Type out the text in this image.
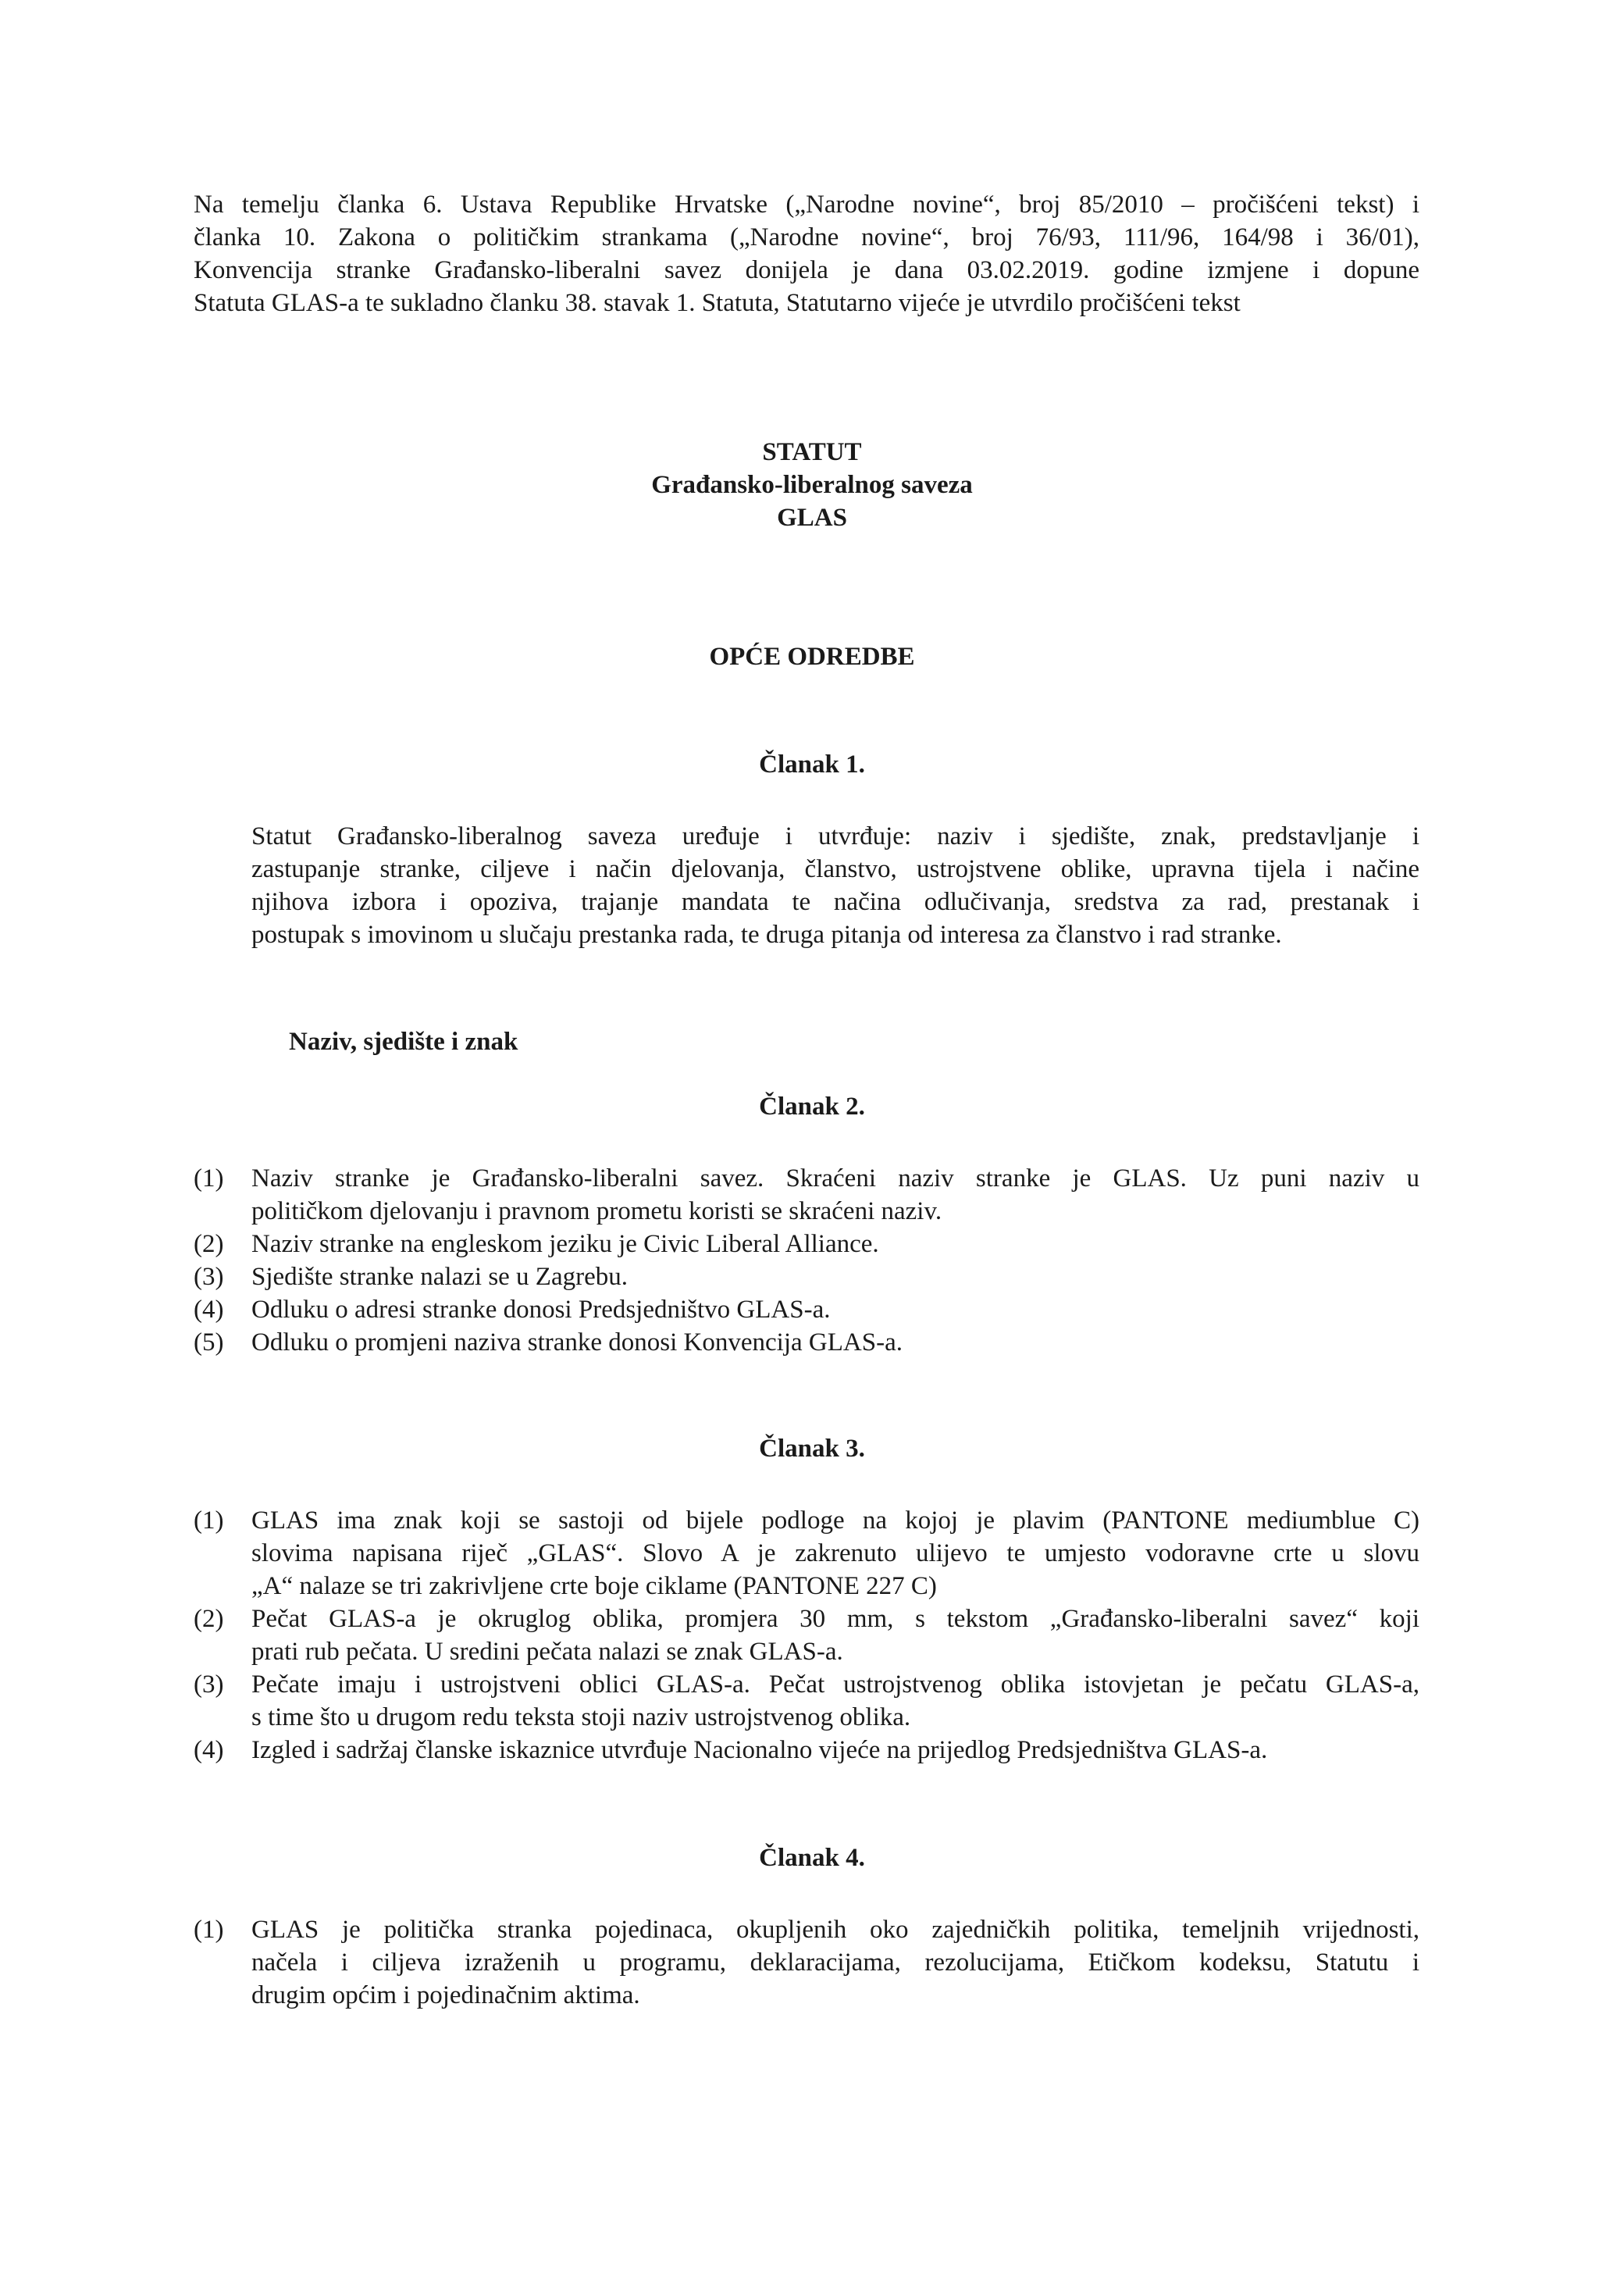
Na temelju članka 6. Ustava Republike Hrvatske („Narodne novine“, broj 85/2010 – pročišćeni tekst) i
članka 10. Zakona o političkim strankama („Narodne novine“, broj 76/93, 111/96, 164/98 i 36/01),
Konvencija stranke Građansko-liberalni savez donijela je dana 03.02.2019. godine izmjene i dopune
Statuta GLAS-a te sukladno članku 38. stavak 1. Statuta, Statutarno vijeće je utvrdilo pročišćeni tekst
STATUT
Građansko-liberalnog saveza
GLAS
OPĆE ODREDBE
Članak 1.
Statut Građansko-liberalnog saveza uređuje i utvrđuje: naziv i sjedište, znak, predstavljanje i
zastupanje stranke, ciljeve i način djelovanja, članstvo, ustrojstvene oblike, upravna tijela i načine
njihova izbora i opoziva, trajanje mandata te načina odlučivanja, sredstva za rad, prestanak i
postupak s imovinom u slučaju prestanka rada, te druga pitanja od interesa za članstvo i rad stranke.
Naziv, sjedište i znak
Članak 2.
(1) Naziv stranke je Građansko-liberalni savez. Skraćeni naziv stranke je GLAS. Uz puni naziv u
političkom djelovanju i pravnom prometu koristi se skraćeni naziv.
(2) Naziv stranke na engleskom jeziku je Civic Liberal Alliance.
(3) Sjedište stranke nalazi se u Zagrebu.
(4) Odluku o adresi stranke donosi Predsjedništvo GLAS-a.
(5) Odluku o promjeni naziva stranke donosi Konvencija GLAS-a.
Članak 3.
(1) GLAS ima znak koji se sastoji od bijele podloge na kojoj je plavim (PANTONE mediumblue C)
slovima napisana riječ „GLAS“. Slovo A je zakrenuto ulijevo te umjesto vodoravne crte u slovu
„A“ nalaze se tri zakrivljene crte boje ciklame (PANTONE 227 C)
(2) Pečat GLAS-a je okruglog oblika, promjera 30 mm, s tekstom „Građansko-liberalni savez“ koji
prati rub pečata. U sredini pečata nalazi se znak GLAS-a.
(3) Pečate imaju i ustrojstveni oblici GLAS-a. Pečat ustrojstvenog oblika istovjetan je pečatu GLAS-a,
s time što u drugom redu teksta stoji naziv ustrojstvenog oblika.
(4) Izgled i sadržaj članske iskaznice utvrđuje Nacionalno vijeće na prijedlog Predsjedništva GLAS-a.
Članak 4.
(1) GLAS je politička stranka pojedinaca, okupljenih oko zajedničkih politika, temeljnih vrijednosti,
načela i ciljeva izraženih u programu, deklaracijama, rezolucijama, Etičkom kodeksu, Statutu i
drugim općim i pojedinačnim aktima.
